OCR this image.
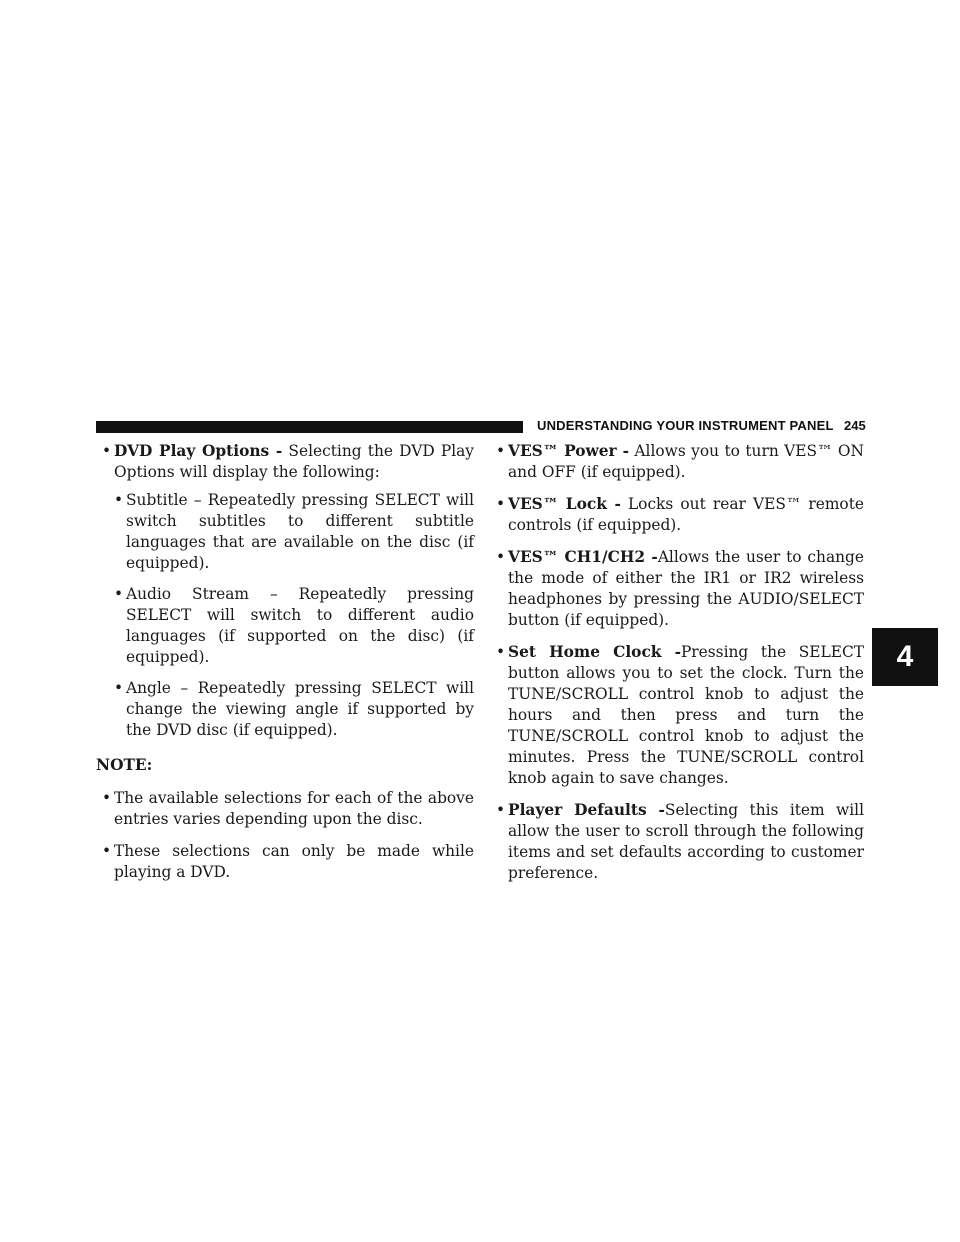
UNDERSTANDING YOUR INSTRUMENT PANEL 245
4
• DVD Play Options - Selecting the DVD Play Options will display the following:
• Subtitle – Repeatedly pressing SELECT will switch subtitles to different subtitle languages that are available on the disc (if equipped).
• Audio Stream – Repeatedly pressing SELECT will switch to different audio languages (if supported on the disc) (if equipped).
• Angle – Repeatedly pressing SELECT will change the viewing angle if supported by the DVD disc (if equipped).
NOTE:
• The available selections for each of the above entries varies depending upon the disc.
• These selections can only be made while playing a DVD.
• VES™ Power - Allows you to turn VES™ ON and OFF (if equipped).
• VES™ Lock - Locks out rear VES™ remote controls (if equipped).
• VES™ CH1/CH2 -Allows the user to change the mode of either the IR1 or IR2 wireless headphones by pressing the AUDIO/SELECT button (if equipped).
• Set Home Clock -Pressing the SELECT button allows you to set the clock. Turn the TUNE/SCROLL control knob to adjust the hours and then press and turn the TUNE/SCROLL control knob to adjust the minutes. Press the TUNE/SCROLL control knob again to save changes.
• Player Defaults -Selecting this item will allow the user to scroll through the following items and set defaults according to customer preference.
